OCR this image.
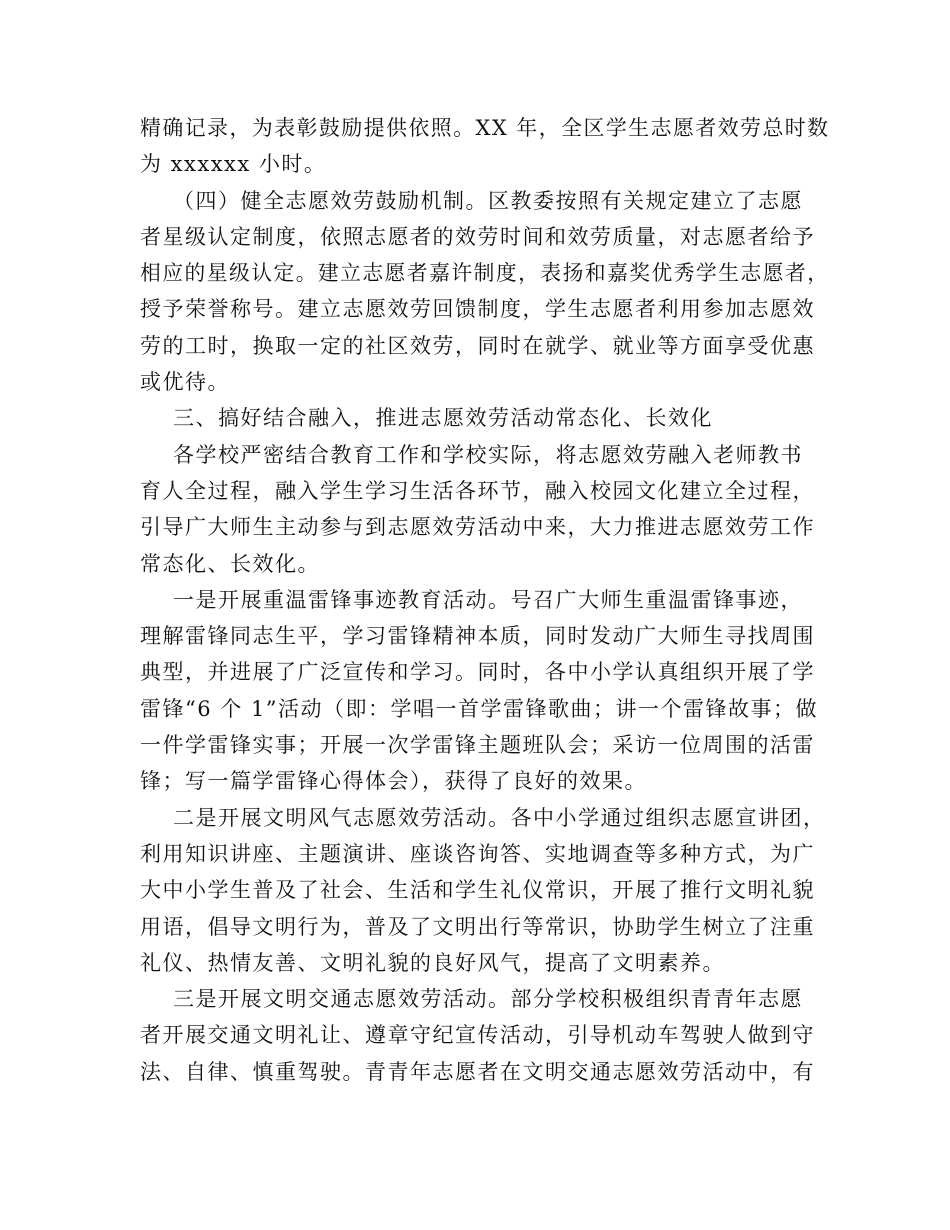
精确记录，为表彰鼓励提供依照。XX 年，全区学生志愿者效劳总时数
为 xxxxxx 小时。
（四）健全志愿效劳鼓励机制。区教委按照有关规定建立了志愿
者星级认定制度，依照志愿者的效劳时间和效劳质量，对志愿者给予
相应的星级认定。建立志愿者嘉许制度，表扬和嘉奖优秀学生志愿者，
授予荣誉称号。建立志愿效劳回馈制度，学生志愿者利用参加志愿效
劳的工时，换取一定的社区效劳，同时在就学、就业等方面享受优惠
或优待。
三、搞好结合融入，推进志愿效劳活动常态化、长效化
各学校严密结合教育工作和学校实际，将志愿效劳融入老师教书
育人全过程，融入学生学习生活各环节，融入校园文化建立全过程，
引导广大师生主动参与到志愿效劳活动中来，大力推进志愿效劳工作
常态化、长效化。
一是开展重温雷锋事迹教育活动。号召广大师生重温雷锋事迹，
理解雷锋同志生平，学习雷锋精神本质，同时发动广大师生寻找周围
典型，并进展了广泛宣传和学习。同时，各中小学认真组织开展了学
雷锋“6 个 1”活动（即：学唱一首学雷锋歌曲；讲一个雷锋故事；做
一件学雷锋实事；开展一次学雷锋主题班队会；采访一位周围的活雷
锋；写一篇学雷锋心得体会），获得了良好的效果。
二是开展文明风气志愿效劳活动。各中小学通过组织志愿宣讲团，
利用知识讲座、主题演讲、座谈咨询答、实地调查等多种方式，为广
大中小学生普及了社会、生活和学生礼仪常识，开展了推行文明礼貌
用语，倡导文明行为，普及了文明出行等常识，协助学生树立了注重
礼仪、热情友善、文明礼貌的良好风气，提高了文明素养。
三是开展文明交通志愿效劳活动。部分学校积极组织青青年志愿
者开展交通文明礼让、遵章守纪宣传活动，引导机动车驾驶人做到守
法、自律、慎重驾驶。青青年志愿者在文明交通志愿效劳活动中，有
